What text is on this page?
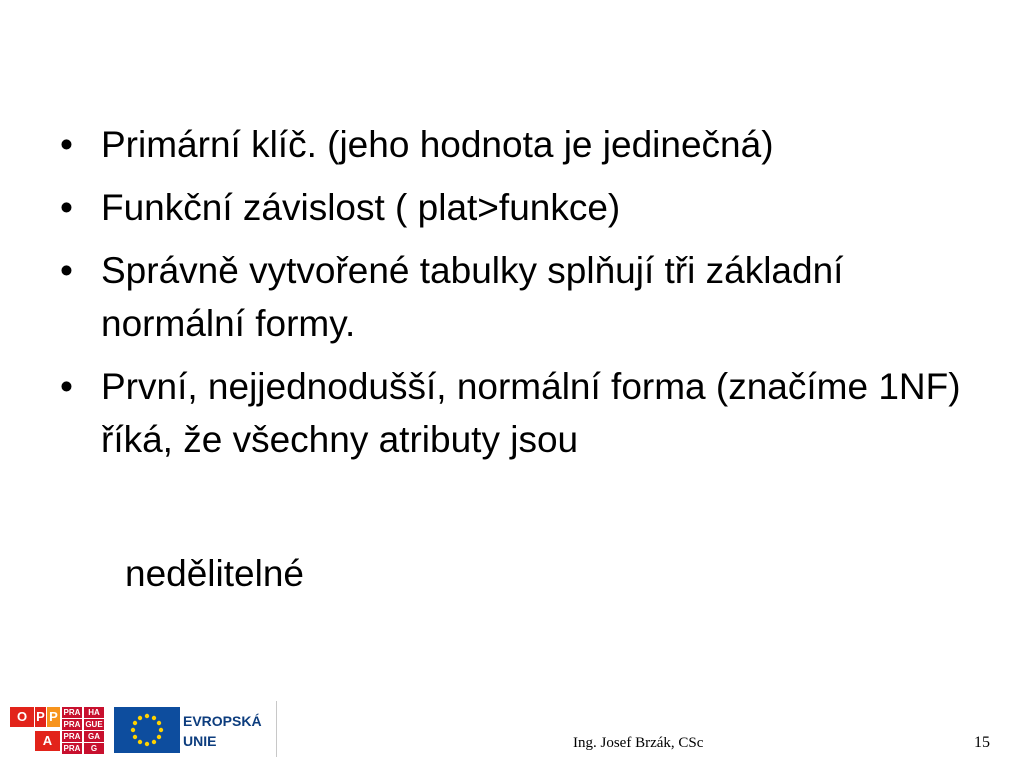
• Primární klíč. (jeho hodnota je jedinečná)
• Funkční závislost ( plat>funkce)
• Správně vytvořené tabulky splňují tři základní normální formy.
• První, nejjednodušší, normální forma (značíme 1NF) říká, že všechny atributy jsou
nedělitelné
O P P
A
PRA HA
PRA GUE
PRA GA
PRA	G
EVROPSKÁ
UNIE	Ing. Josef Brzák, CSc	15
